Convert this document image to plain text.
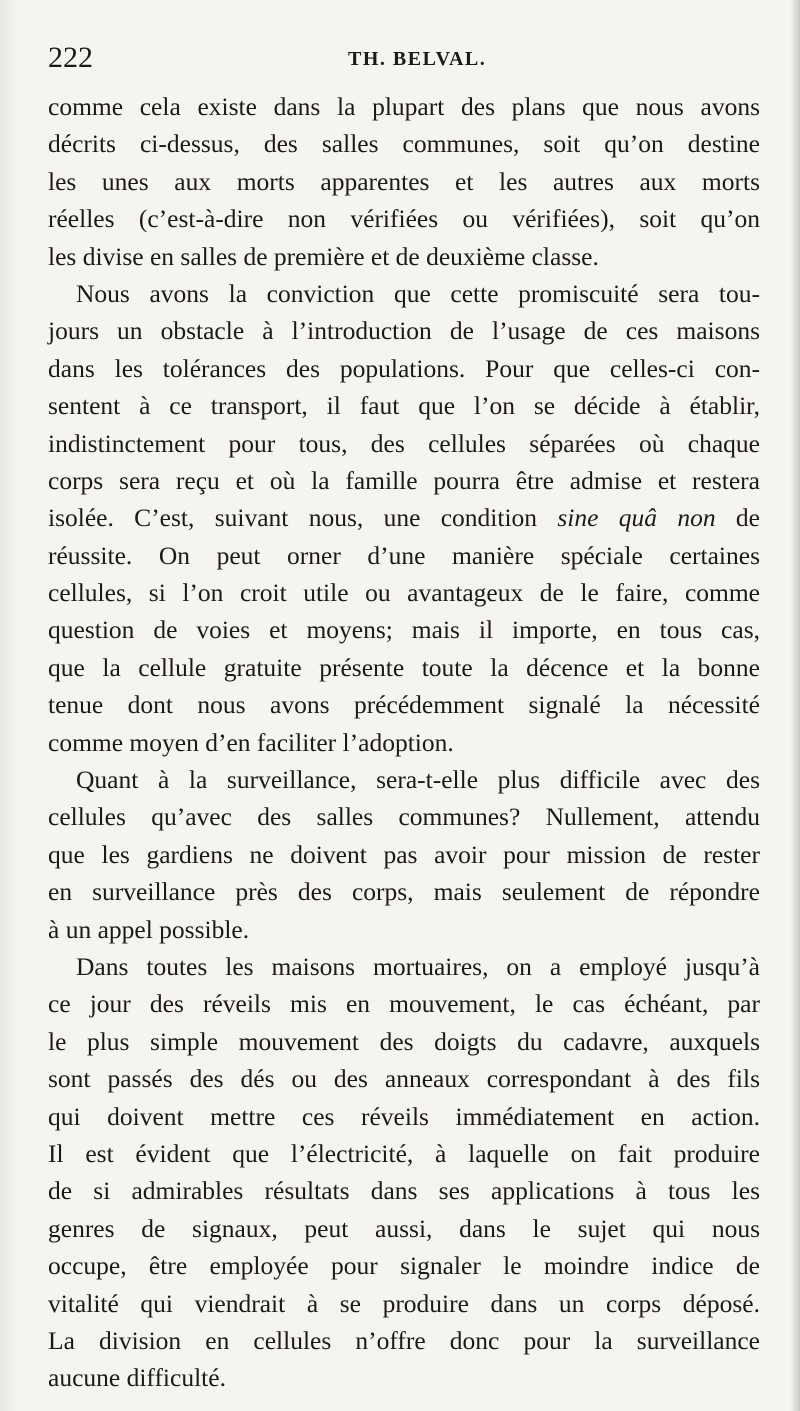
222	TH. BELVAL.
comme cela existe dans la plupart des plans que nous avons
décrits ci-dessus, des salles communes, soit qu’on destine
les unes aux morts apparentes et les autres aux morts
réelles (c’est-à-dire non vérifiées ou vérifiées), soit qu’on
les divise en salles de première et de deuxième classe.
Nous avons la conviction que cette promiscuité sera tou-
jours un obstacle à l’introduction de l’usage de ces maisons
dans les tolérances des populations. Pour que celles-ci con-
sentent à ce transport, il faut que l’on se décide à établir,
indistinctement pour tous, des cellules séparées où chaque
corps sera reçu et où la famille pourra être admise et restera
isolée. C’est, suivant nous, une condition sine quâ non de
réussite. On peut orner d’une manière spéciale certaines
cellules, si l’on croit utile ou avantageux de le faire, comme
question de voies et moyens; mais il importe, en tous cas,
que la cellule gratuite présente toute la décence et la bonne
tenue dont nous avons précédemment signalé la nécessité
comme moyen d’en faciliter l’adoption.
Quant à la surveillance, sera-t-elle plus difficile avec des
cellules qu’avec des salles communes? Nullement, attendu
que les gardiens ne doivent pas avoir pour mission de rester
en surveillance près des corps, mais seulement de répondre
à un appel possible.
Dans toutes les maisons mortuaires, on a employé jusqu’à
ce jour des réveils mis en mouvement, le cas échéant, par
le plus simple mouvement des doigts du cadavre, auxquels
sont passés des dés ou des anneaux correspondant à des fils
qui doivent mettre ces réveils immédiatement en action.
Il est évident que l’électricité, à laquelle on fait produire
de si admirables résultats dans ses applications à tous les
genres de signaux, peut aussi, dans le sujet qui nous
occupe, être employée pour signaler le moindre indice de
vitalité qui viendrait à se produire dans un corps déposé.
La division en cellules n’offre donc pour la surveillance
aucune difficulté.
